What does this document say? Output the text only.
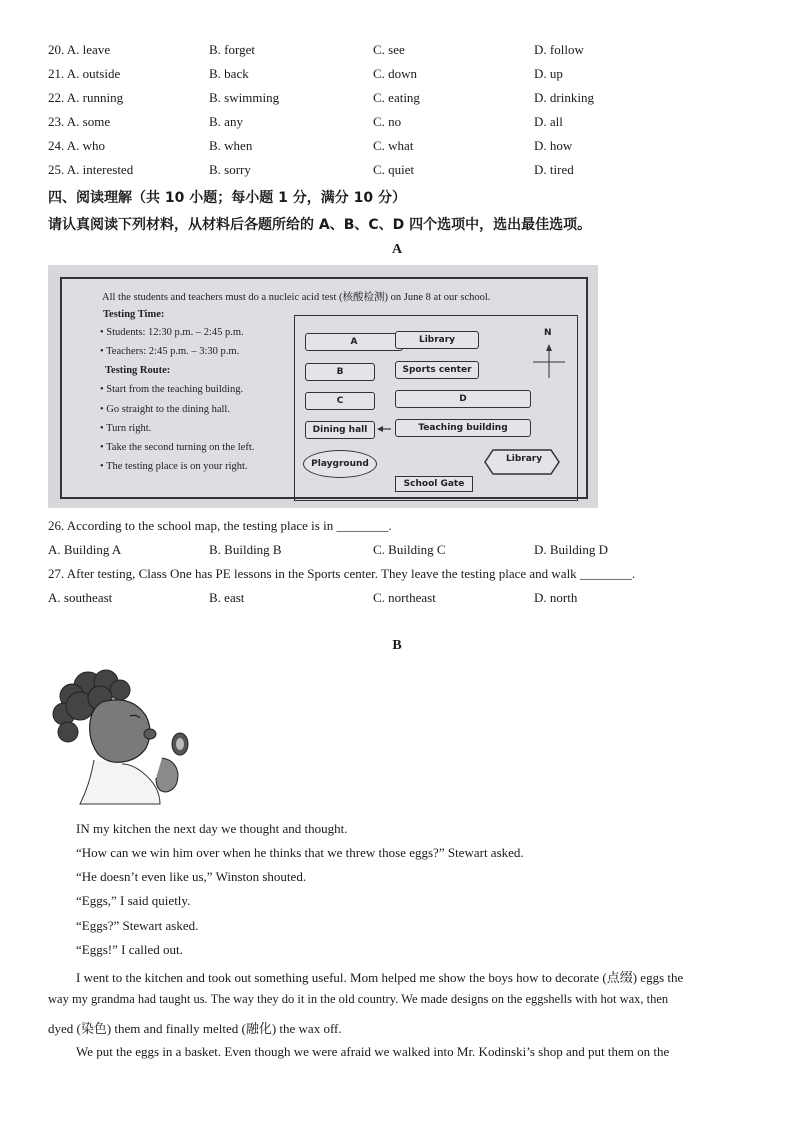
20. A. leave	B. forget	C. see	D. follow
21. A. outside	B. back	C. down	D. up
22. A. running	B. swimming	C. eating	D. drinking
23. A. some	B. any	C. no	D. all
24. A. who	B. when	C. what	D. how
25. A. interested	B. sorry	C. quiet	D. tired
四、阅读理解（共 10 小题；每小题 1 分，满分 10 分）
请认真阅读下列材料，从材料后各题所给的 A、B、C、D 四个选项中，选出最佳选项。
A
All the students and teachers must do a nucleic acid test (核酸检测) on June 8 at our school.
Testing Time:
• Students: 12:30 p.m. – 2:45 p.m.
• Teachers: 2:45 p.m. – 3:30 p.m.
Testing Route:
• Start from the teaching building.
• Go straight to the dining hall.
• Turn right.
• Take the second turning on the left.
• The testing place is on your right.
A	Library
B	Sports center
C	D
Dining hall	Teaching building
Playground
School Gate
Library
N
26. According to the school map, the testing place is in ________.
A. Building A	B. Building B	C. Building C	D. Building D
27. After testing, Class One has PE lessons in the Sports center. They leave the testing place and walk ________.
A. southeast	B. east	C. northeast	D. north
B
IN my kitchen the next day we thought and thought.
“How can we win him over when he thinks that we threw those eggs?” Stewart asked.
“He doesn’t even like us,” Winston shouted.
“Eggs,” I said quietly.
“Eggs?” Stewart asked.
“Eggs!” I called out.
I went to the kitchen and took out something useful. Mom helped me show the boys how to decorate (点缀) eggs the
way my grandma had taught us. The way they do it in the old country. We made designs on the eggshells with hot wax, then
dyed (染色) them and finally melted (融化) the wax off.
We put the eggs in a basket. Even though we were afraid we walked into Mr. Kodinski’s shop and put them on the
